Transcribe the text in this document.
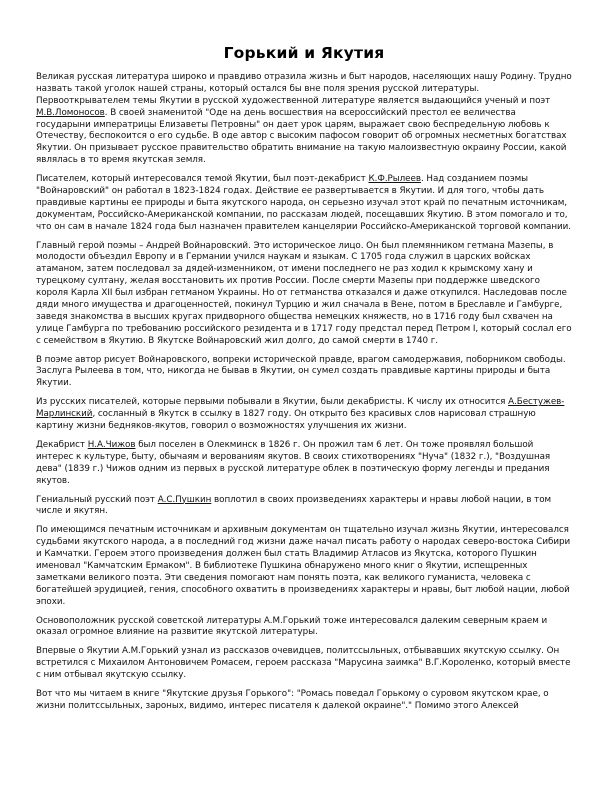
Горький и Якутия

Великая русская литература широко и правдиво отразила жизнь и быт народов, населяющих нашу Родину. Трудно назвать такой уголок нашей страны, который остался бы вне поля зрения русской литературы. Первооткрывателем темы Якутии в русской художественной литературе является выдающийся ученый и поэт М.В.Ломоносов. В своей знаменитой "Оде на день восшествия на всероссийский престол ее величества государыни императрицы Елизаветы Петровны" он дает урок царям, выражает свою беспредельную любовь к Отечеству, беспокоится о его судьбе. В оде автор с высоким пафосом говорит об огромных несметных богатствах Якутии. Он призывает русское правительство обратить внимание на такую малоизвестную окраину России, какой являлась в то время якутская земля.

Писателем, который интересовался темой Якутии, был поэт-декабрист К.Ф.Рылеев. Над созданием поэмы "Войнаровский" он работал в 1823-1824 годах. Действие ее развертывается в Якутии. И для того, чтобы дать правдивые картины ее природы и быта якутского народа, он серьезно изучал этот край по печатным источникам, документам, Российско-Американской компании, по рассказам людей, посещавших Якутию. В этом помогало и то, что он сам в начале 1824 года был назначен правителем канцелярии Российско-Американской торговой компании.

Главный герой поэмы – Андрей Войнаровский. Это историческое лицо. Он был племянником гетмана Мазепы, в молодости объездил Европу и в Германии учился наукам и языкам. С 1705 года служил в царских войсках атаманом, затем последовал за дядей-изменником, от имени последнего не раз ходил к крымскому хану и турецкому султану, желая восстановить их против России. После смерти Мазепы при поддержке шведского короля Карла XII был избран гетманом Украины. Но от гетманства отказался и даже откупился. Наследовав после дяди много имущества и драгоценностей, покинул Турцию и жил сначала в Вене, потом в Бреславле и Гамбурге, заведя знакомства в высших кругах придворного общества немецких княжеств, но в 1716 году был схвачен на улице Гамбурга по требованию российского резидента и в 1717 году предстал перед Петром I, который сослал его с семейством в Якутию. В Якутске Войнаровский жил долго, до самой смерти в 1740 г.

В поэме автор рисует Войнаровского, вопреки исторической правде, врагом самодержавия, поборником свободы. Заслуга Рылеева в том, что, никогда не бывав в Якутии, он сумел создать правдивые картины природы и быта Якутии.

Из русских писателей, которые первыми побывали в Якутии, были декабристы. К числу их относится А.Бестужев-Марлинский, сосланный в Якутск в ссылку в 1827 году. Он открыто без красивых слов нарисовал страшную картину жизни бедняков-якутов, говорил о возможностях улучшения их жизни.

Декабрист Н.А.Чижов был поселен в Олекминск в 1826 г. Он прожил там 6 лет. Он тоже проявлял большой интерес к культуре, быту, обычаям и верованиям якутов. В своих стихотворениях "Нуча" (1832 г.), "Воздушная дева" (1839 г.) Чижов одним из первых в русской литературе облек в поэтическую форму легенды и предания якутов.

Гениальный русский поэт А.С.Пушкин воплотил в своих произведениях характеры и нравы любой нации, в том числе и якутян.

По имеющимся печатным источникам и архивным документам он тщательно изучал жизнь Якутии, интересовался судьбами якутского народа, а в последний год жизни даже начал писать работу о народах северо-востока Сибири и Камчатки. Героем этого произведения должен был стать Владимир Атласов из Якутска, которого Пушкин именовал "Камчатским Ермаком". В библиотеке Пушкина обнаружено много книг о Якутии, испещренных заметками великого поэта. Эти сведения помогают нам понять поэта, как великого гуманиста, человека с богатейшей эрудицией, гения, способного охватить в произведениях характеры и нравы, быт любой нации, любой эпохи.

Основоположник русской советской литературы А.М.Горький тоже интересовался далеким северным краем и оказал огромное влияние на развитие якутской литературы.

Впервые о Якутии А.М.Горький узнал из рассказов очевидцев, политссыльных, отбывавших якутскую ссылку. Он встретился с Михаилом Антоновичем Ромасем, героем рассказа "Марусина заимка" В.Г.Короленко, который вместе с ним отбывал якутскую ссылку.

Вот что мы читаем в книге "Якутские друзья Горького": "Ромась поведал Горькому о суровом якутском крае, о жизни политссыльных, зароных, видимо, интерес писателя к далекой окраине"." Помимо этого Алексей
